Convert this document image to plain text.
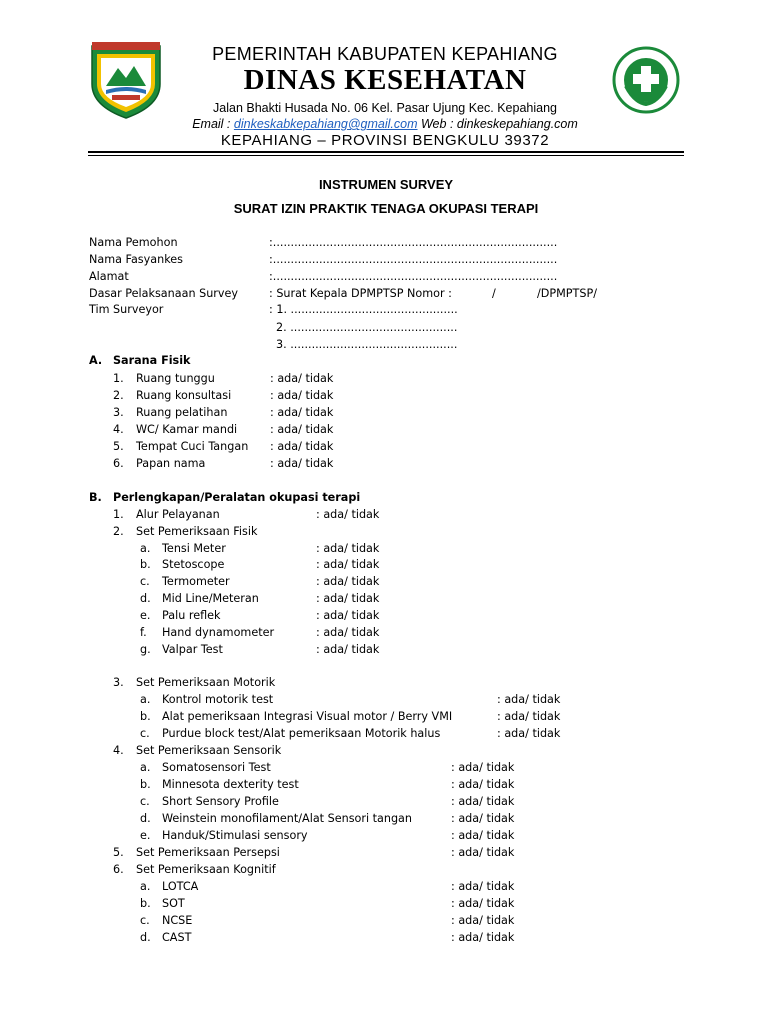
PEMERINTAH KABUPATEN KEPAHIANG
DINAS KESEHATAN
Jalan Bhakti Husada No. 06 Kel. Pasar Ujung Kec. Kepahiang
Email : dinkeskabkepahiang@gmail.com Web : dinkeskepahiang.com
KEPAHIANG – PROVINSI BENGKULU 39372
INSTRUMEN SURVEY
SURAT IZIN PRAKTIK TENAGA OKUPASI TERAPI
Nama Pemohon	:................................................................................
Nama Fasyankes	:................................................................................
Alamat	:................................................................................
Dasar Pelaksanaan Survey	: Surat Kepala DPMPTSP Nomor :	/	/DPMPTSP/
Tim Surveyor	: 1. ...............................................
2. ...............................................
3. ...............................................
A. Sarana Fisik
1. Ruang tunggu	: ada/ tidak
2. Ruang konsultasi	: ada/ tidak
3. Ruang pelatihan	: ada/ tidak
4. WC/ Kamar mandi	: ada/ tidak
5. Tempat Cuci Tangan : ada/ tidak
6. Papan nama	: ada/ tidak
B. Perlengkapan/Peralatan okupasi terapi
1. Alur Pelayanan	: ada/ tidak
2. Set Pemeriksaan Fisik
a. Tensi Meter	: ada/ tidak
b. Stetoscope	: ada/ tidak
c. Termometer	: ada/ tidak
d. Mid Line/Meteran	: ada/ tidak
e. Palu reflek	: ada/ tidak
f. Hand dynamometer	: ada/ tidak
g. Valpar Test	: ada/ tidak
3. Set Pemeriksaan Motorik
a. Kontrol motorik test	: ada/ tidak
b. Alat pemeriksaan Integrasi Visual motor / Berry VMI	: ada/ tidak
c. Purdue block test/Alat pemeriksaan Motorik halus	: ada/ tidak
4. Set Pemeriksaan Sensorik
a. Somatosensori Test	: ada/ tidak
b. Minnesota dexterity test	: ada/ tidak
c. Short Sensory Profile	: ada/ tidak
d. Weinstein monofilament/Alat Sensori tangan	: ada/ tidak
e. Handuk/Stimulasi sensory	: ada/ tidak
5. Set Pemeriksaan Persepsi	: ada/ tidak
6. Set Pemeriksaan Kognitif
a. LOTCA	: ada/ tidak
b. SOT	: ada/ tidak
c. NCSE	: ada/ tidak
d. CAST	: ada/ tidak
